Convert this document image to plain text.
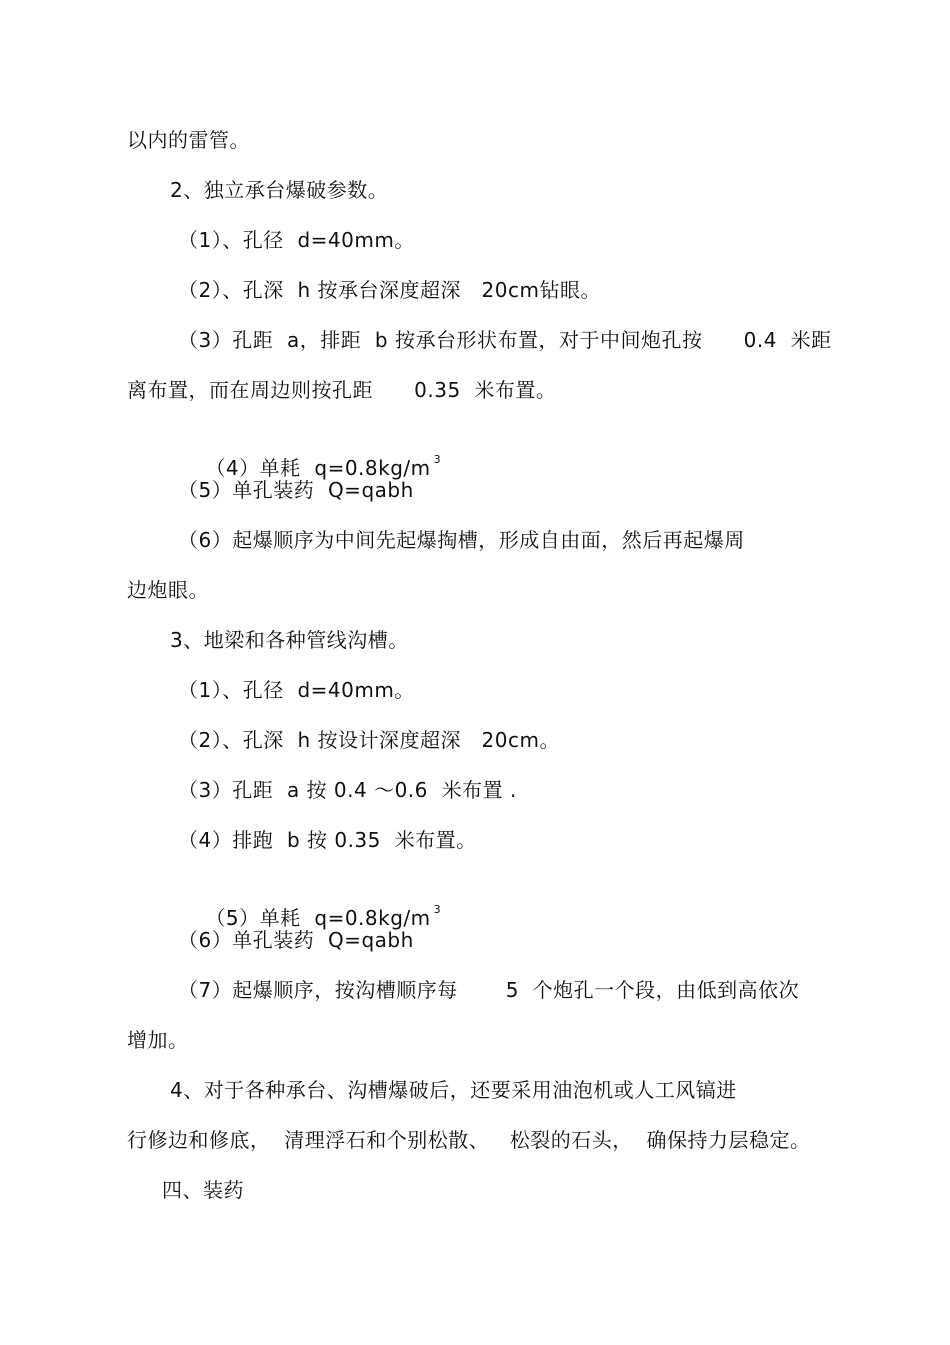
以内的雷管。
2、独立承台爆破参数。
（1）、孔径  d=40mm。
（2）、孔深  h 按承台深度超深   20cm钻眼。
（3）孔距  a，排距  b 按承台形状布置，对于中间炮孔按      0.4  米距
离布置，而在周边则按孔距      0.35  米布置。

（4）单耗  q=0.8kg/m $^3$

（5）单孔装药  Q=qabh
（6）起爆顺序为中间先起爆掏槽，形成自由面，然后再起爆周
边炮眼。
3、地梁和各种管线沟槽。
（1）、孔径  d=40mm。
（2）、孔深  h 按设计深度超深   20cm。
（3）孔距  a 按 0.4 ～0.6  米布置 .
（4）排跑  b 按 0.35  米布置。

（5）单耗  q=0.8kg/m $^3$

（6）单孔装药  Q=qabh
（7）起爆顺序，按沟槽顺序每       5  个炮孔一个段，由低到高依次
增加。
4、对于各种承台、沟槽爆破后，还要采用油泡机或人工风镐进
行修边和修底，  清理浮石和个别松散、   松裂的石头，  确保持力层稳定。
四、装药
